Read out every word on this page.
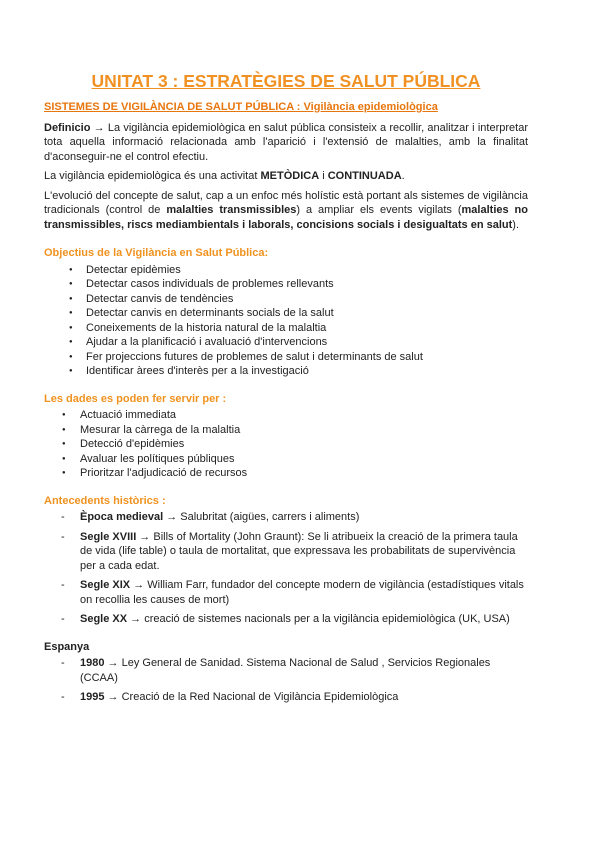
UNITAT 3 : ESTRATÈGIES DE SALUT PÚBLICA
SISTEMES DE VIGILÀNCIA DE SALUT PÚBLICA : Vigilància epidemiològica

Definicio → La vigilància epidemiològica en salut pública consisteix a recollir, analitzar i interpretar tota aquella informació relacionada amb l'aparició i l'extensió de malalties, amb la finalitat d'aconseguir-ne el control efectiu.

La vigilància epidemiològica és una activitat METÒDICA i CONTINUADA.

L'evolució del concepte de salut, cap a un enfoc més holístic està portant als sistemes de vigilància tradicionals (control de malalties transmissibles) a ampliar els events vigilats (malalties no transmissibles, riscs mediambientals i laborals, concisions socials i desigualtats en salut).

Objectius de la Vigilància en Salut Pública:
● Detectar epidèmies
● Detectar casos individuals de problemes rellevants
● Detectar canvis de tendències
● Detectar canvis en determinants socials de la salut
● Coneixements de la historia natural de la malaltia
● Ajudar a la planificació i avaluació d'intervencions
● Fer projeccions futures de problemes de salut i determinants de salut
● Identificar àrees d'interès per a la investigació
Les dades es poden fer servir per :
● Actuació immediata
● Mesurar la càrrega de la malaltia
● Detecció d'epidèmies
● Avaluar les polítiques públiques
● Prioritzar l'adjudicació de recursos
Antecedents històrics :
- Època medieval → Salubritat (aigües, carrers i aliments)
- Segle XVIII → Bills of Mortality (John Graunt): Se li atribueix la creació de la primera taula de vida (life table) o taula de mortalitat, que expressava les probabilitats de supervivència per a cada edat.
- Segle XIX → William Farr, fundador del concepte modern de vigilància (estadístiques vitals on recollia les causes de mort)
- Segle XX → creació de sistemes nacionals per a la vigilància epidemiològica (UK, USA)
Espanya
- 1980 → Ley General de Sanidad. Sistema Nacional de Salud , Servicios Regionales (CCAA)
- 1995 → Creació de la Red Nacional de Vigilància Epidemiològica
